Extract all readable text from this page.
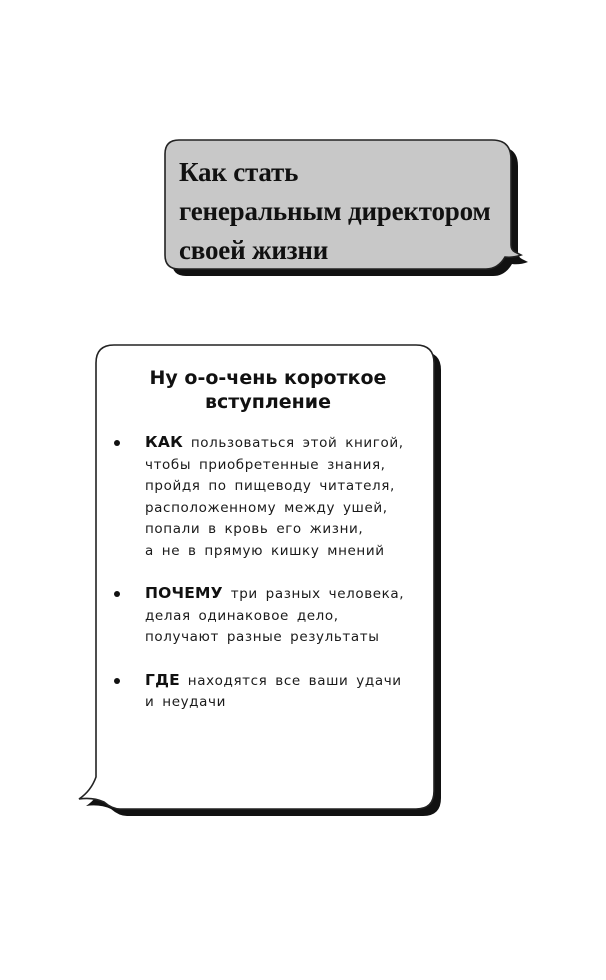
Как стать
генеральным директором
своей жизни
Ну о-о-чень короткое
вступление
КАК пользоваться этой книгой,
чтобы приобретенные знания,
пройдя по пищеводу читателя,
расположенному между ушей,
попали в кровь его жизни,
а не в прямую кишку мнений
ПОЧЕМУ три разных человека,
делая одинаковое дело,
получают разные результаты
ГДЕ находятся все ваши удачи
и неудачи
